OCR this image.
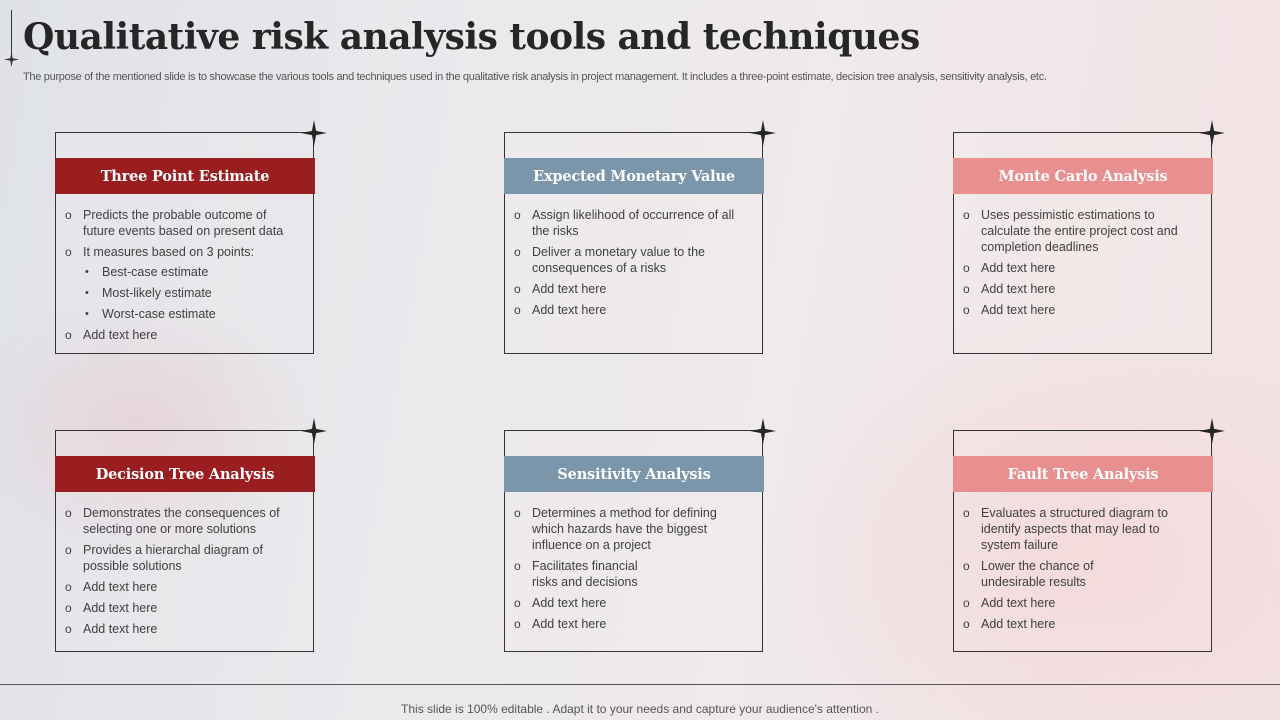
Qualitative risk analysis tools and techniques

The purpose of the mentioned slide is to showcase the various tools and techniques used in the qualitative risk analysis in project management. It includes a three-point estimate, decision tree analysis, sensitivity analysis, etc.

Three Point Estimate
o Predicts the probable outcome of future events based on present data
o It measures based on 3 points:
• Best-case estimate
• Most-likely estimate
• Worst-case estimate
o Add text here
Expected Monetary Value
o Assign likelihood of occurrence of all the risks
o Deliver a monetary value to the consequences of a risks
o Add text here
o Add text here
Monte Carlo Analysis
o Uses pessimistic estimations to calculate the entire project cost and completion deadlines
o Add text here
o Add text here
o Add text here
Decision Tree Analysis
o Demonstrates the consequences of selecting one or more solutions
o Provides a hierarchal diagram of possible solutions
o Add text here
o Add text here
o Add text here
Sensitivity Analysis
o Determines a method for defining which hazards have the biggest influence on a project
o Facilitates financial risks and decisions
o Add text here
o Add text here
Fault Tree Analysis
o Evaluates a structured diagram to identify aspects that may lead to system failure
o Lower the chance of undesirable results
o Add text here
o Add text here
This slide is 100% editable . Adapt it to your needs and capture your audience's attention .
